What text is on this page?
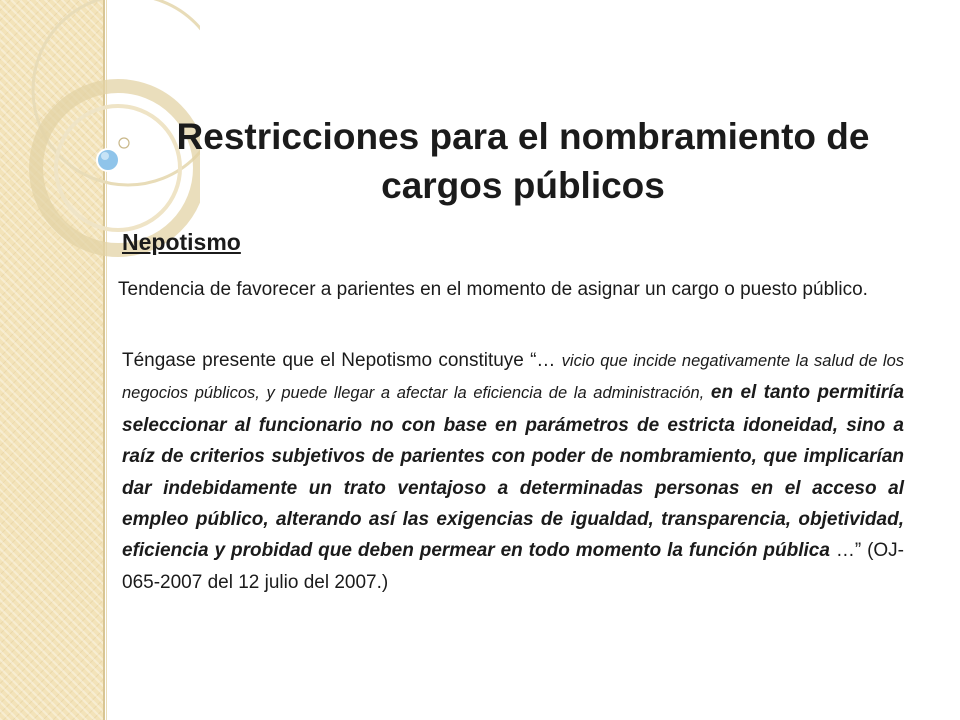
Restricciones para el nombramiento de cargos públicos
Nepotismo

Tendencia de favorecer a parientes en el momento de asignar un cargo o puesto público.

Téngase presente que el Nepotismo constituye “… vicio que incide negativamente la salud de los negocios públicos, y puede llegar a afectar la eficiencia de la administración, en el tanto permitiría seleccionar al funcionario no con base en parámetros de estricta idoneidad, sino a raíz de criterios subjetivos de parientes con poder de nombramiento, que implicarían dar indebidamente un trato ventajoso a determinadas personas en el acceso al empleo público, alterando así las exigencias de igualdad, transparencia, objetividad, eficiencia y probidad que deben permear en todo momento la función pública …” (OJ-065-2007 del 12 julio del 2007.)
